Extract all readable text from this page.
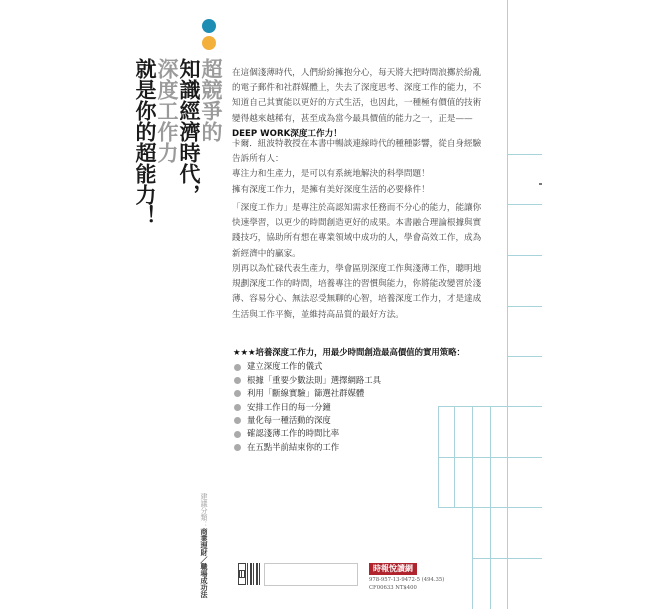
超競爭的
知識經濟時代，
深度工作力
就是你的超能力！	在這個淺薄時代，人們紛紛擁抱分心，每天將大把時間浪擲於紛亂的電子郵件和社群媒體上，失去了深度思考、深度工作的能力，不知道自己其實能以更好的方式生活，也因此，一種極有價值的技術變得越來越稀有，甚至成為當今最具價值的能力之一，正是——

DEEP WORK深度工作力！

卡爾．紐波特教授在本書中暢談連線時代的種種影響，從自身經驗告訴所有人：

專注力和生產力，是可以有系統地解決的科學問題！

擁有深度工作力，是擁有美好深度生活的必要條件！

「深度工作力」是專注於高認知需求任務而不分心的能力，能讓你快速學習，以更少的時間創造更好的成果。本書融合理論根據與實踐技巧，協助所有想在專業領域中成功的人，學會高效工作，成為新經濟中的贏家。

別再以為忙碌代表生產力，學會區別深度工作與淺薄工作，聰明地規劃深度工作的時間，培養專注的習慣與能力，你將能改變習於淺薄、容易分心、無法忍受無聊的心智，培養深度工作力，才是達成生活與工作平衡，並維持高品質的最好方法。

★★★培養深度工作力，用最少時間創造最高價值的實用策略：
建立深度工作的儀式
根據「重要少數法則」選擇網路工具
利用「斷線實驗」篩選社群媒體
安排工作日的每一分鐘
量化每一種活動的深度
確認淺薄工作的時間比率
在五點半前結束你的工作
建議分類：商業理財／職場成功法	時報悅讀網
978-957-13-9472-5 (494.35)
CF00633 NT$400
